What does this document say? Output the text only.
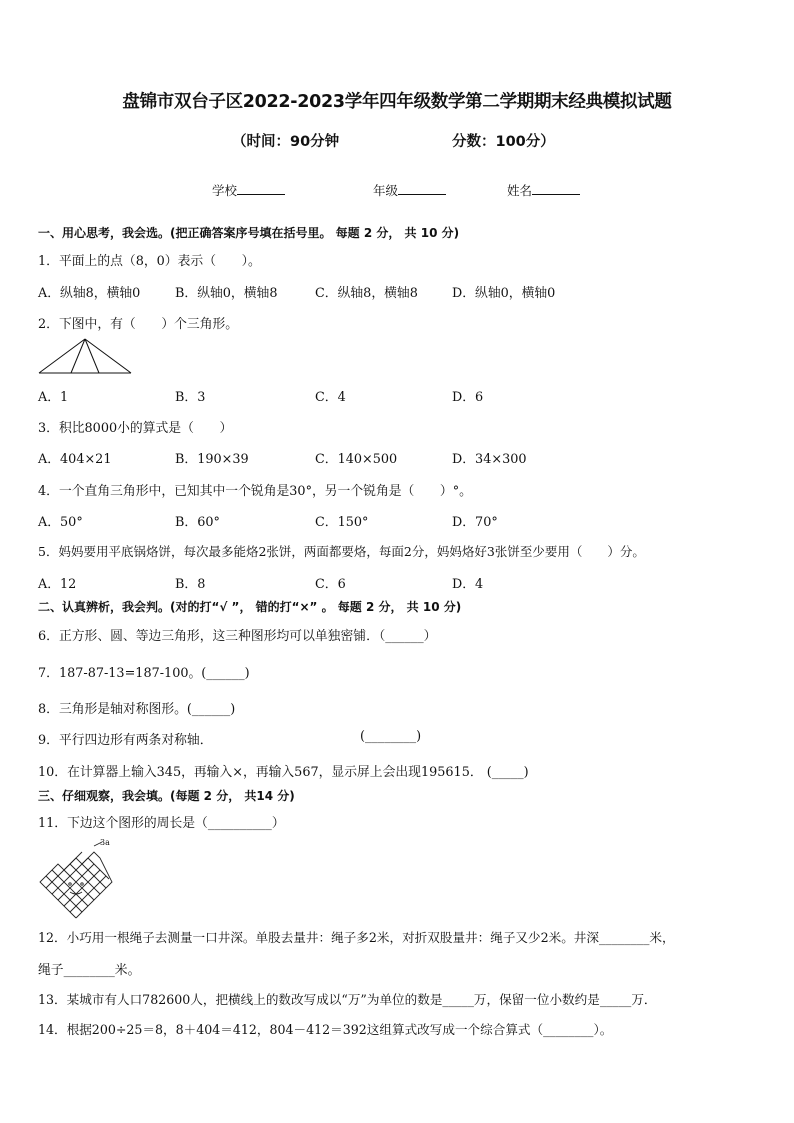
盘锦市双台子区2022-2023学年四年级数学第二学期期末经典模拟试题
（时间：90分钟	分数：100分）
学校	年级	姓名
一、用心思考，我会选。(把正确答案序号填在括号里。 每题 2 分， 共 10 分)
1．平面上的点（8，0）表示（　　）。
A．纵轴8，横轴0	B．纵轴0，横轴8	C．纵轴8，横轴8	D．纵轴0，横轴0
2．下图中，有（　　）个三角形。
A．1	B．3	C．4	D．6
3．积比8000小的算式是（　　）
A．404×21	B．190×39	C．140×500	D．34×300
4．一个直角三角形中，已知其中一个锐角是30°，另一个锐角是（　　）°。
A．50°	B．60°	C．150°	D．70°
5．妈妈要用平底锅烙饼，每次最多能烙2张饼，两面都要烙，每面2分，妈妈烙好3张饼至少要用（　　）分。
A．12	B．8	C．6	D．4
二、认真辨析，我会判。(对的打“√ ”， 错的打“×” 。 每题 2 分， 共 10 分)
6．正方形、圆、等边三角形，这三种图形均可以单独密铺．（______）
7．187-87-13=187-100。(______)
8．三角形是轴对称图形。(______)
9．平行四边形有两条对称轴．	(________)
10．在计算器上输入345，再输入×，再输入567，显示屏上会出现195615． (_____)
三、仔细观察，我会填。(每题 2 分， 共14 分)
11．下边这个图形的周长是（__________）
3a
12．小巧用一根绳子去测量一口井深。单股去量井：绳子多2米，对折双股量井：绳子又少2米。井深________米，
绳子________米。
13．某城市有人口782600人，把横线上的数改写成以“万”为单位的数是_____万，保留一位小数约是_____万．
14．根据200÷25＝8，8＋404＝412，804－412＝392这组算式改写成一个综合算式（________）。
